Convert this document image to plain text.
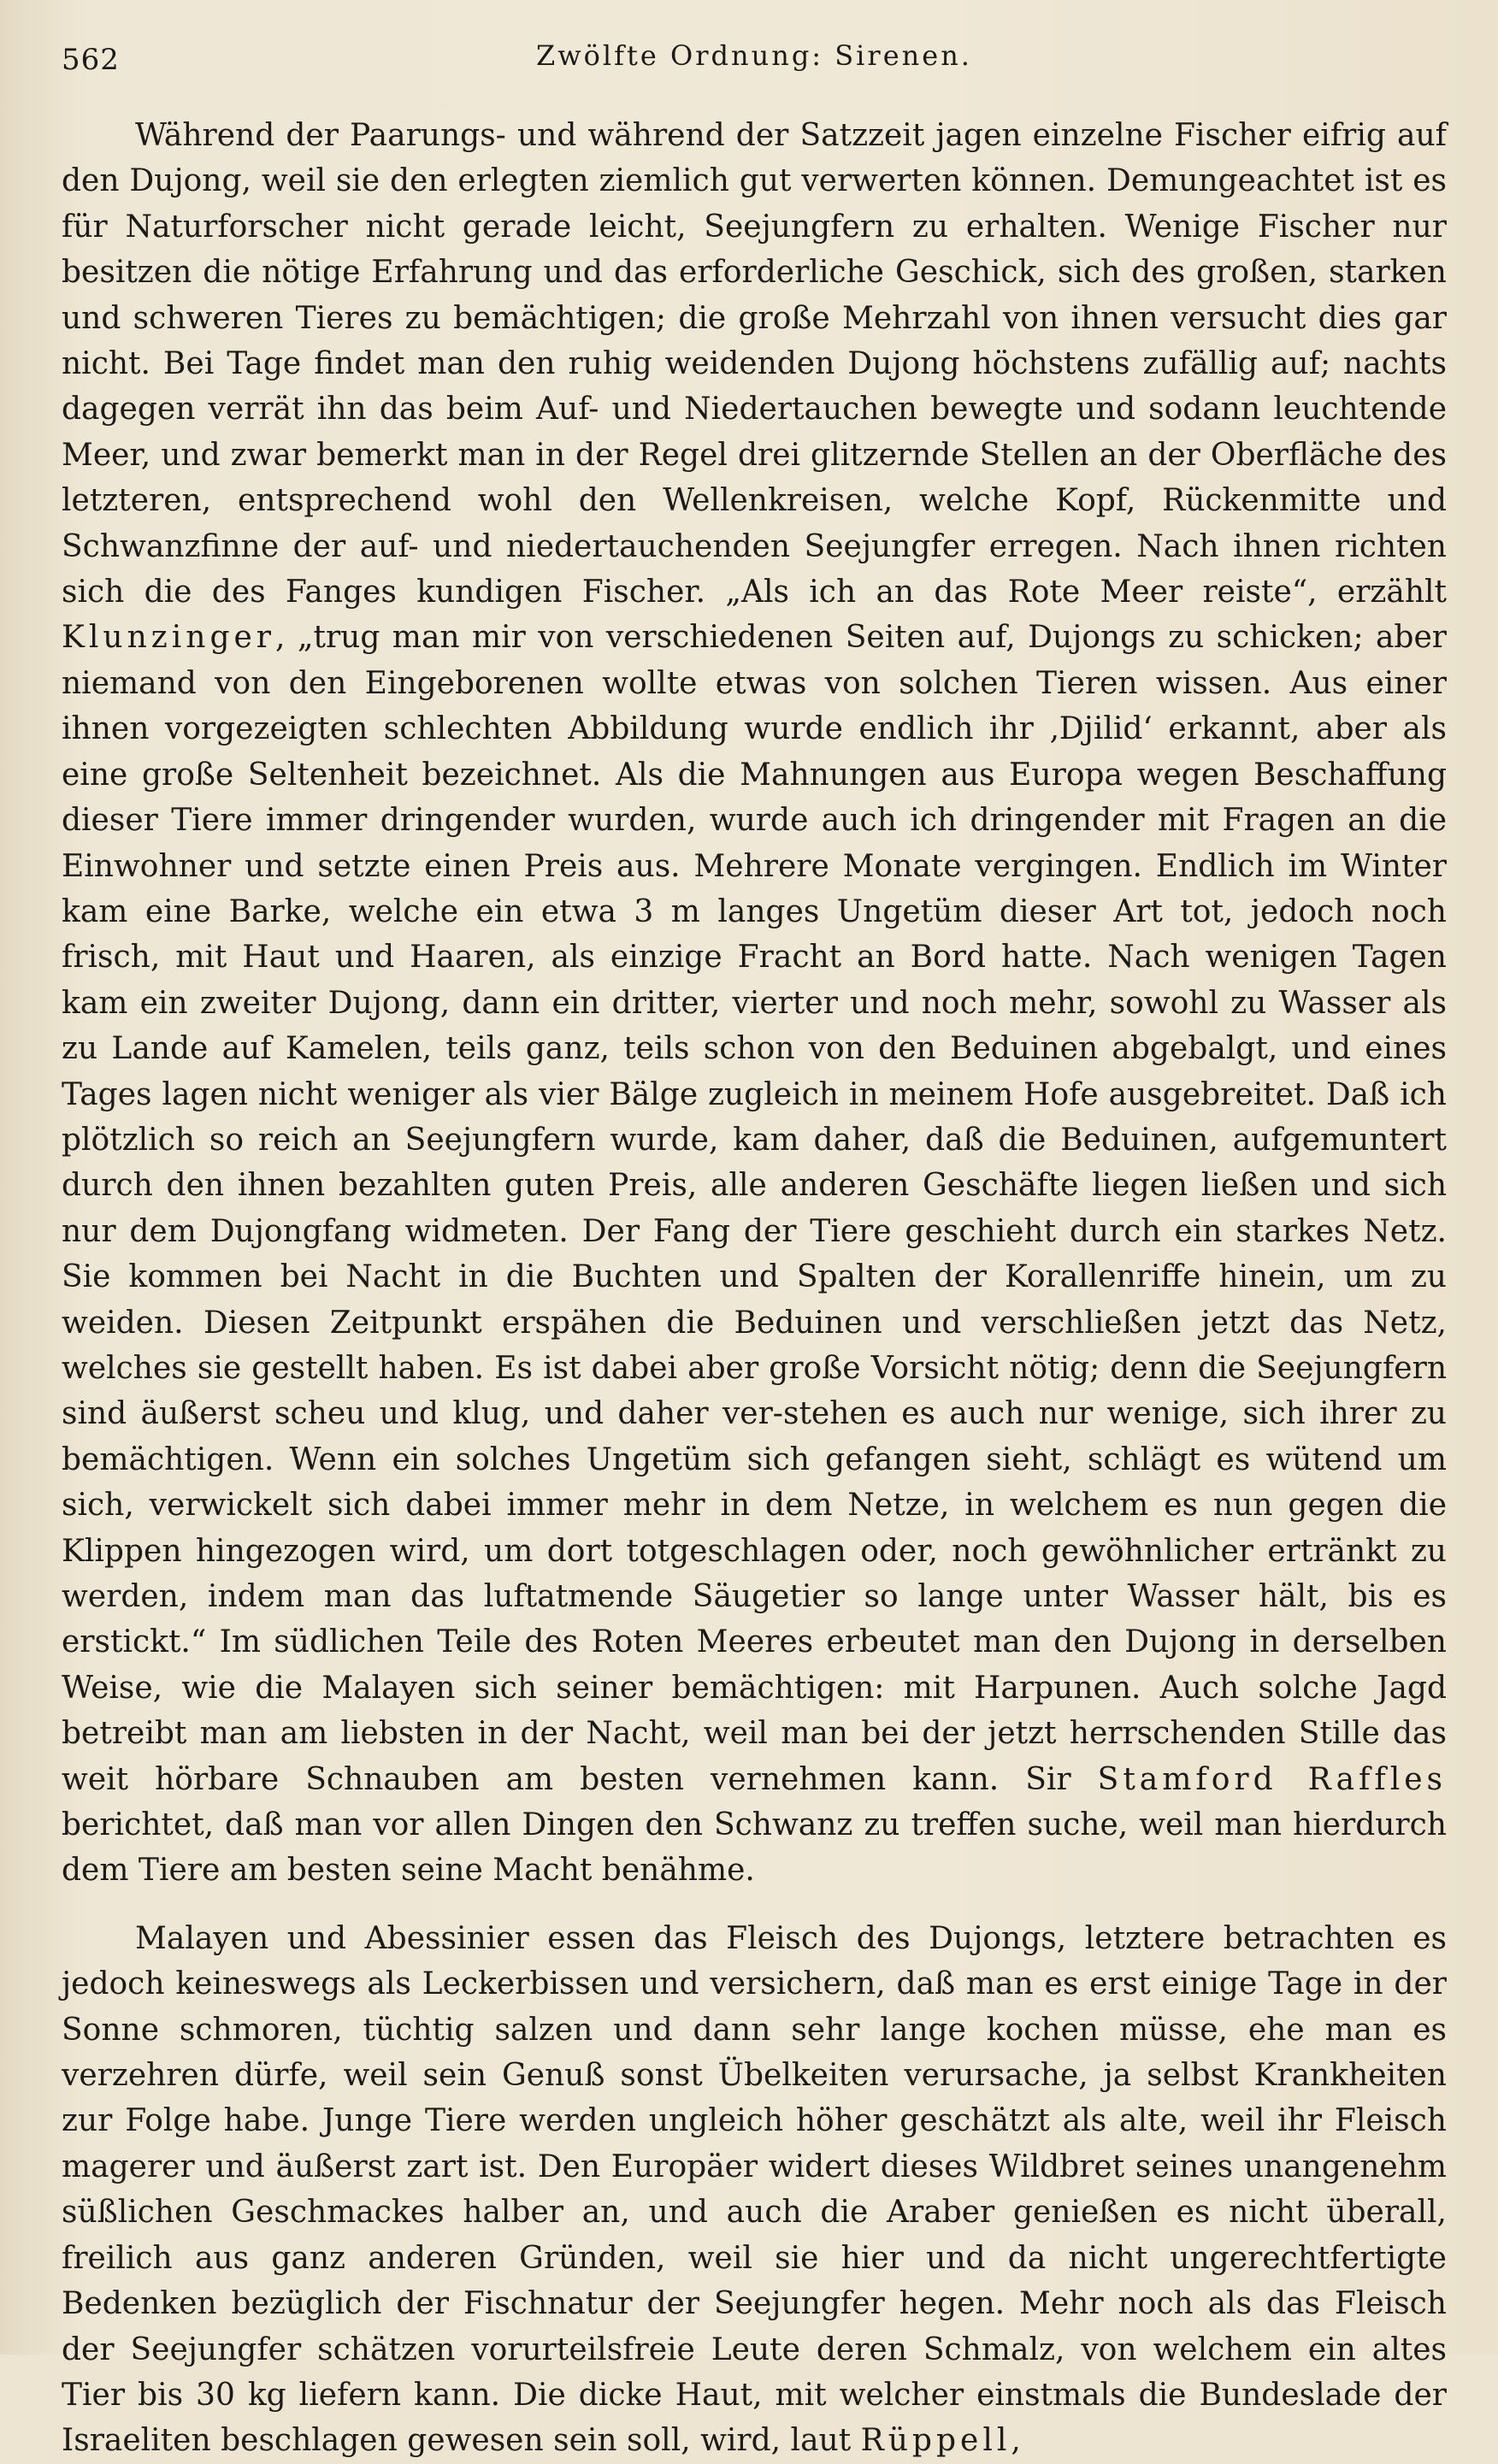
562	Zwölfte Ordnung: Sirenen.

Während der Paarungs- und während der Satzzeit jagen einzelne Fischer eifrig auf den Dujong, weil sie den erlegten ziemlich gut verwerten können. Demungeachtet ist es für Naturforscher nicht gerade leicht, Seejungfern zu erhalten. Wenige Fischer nur besitzen die nötige Erfahrung und das erforderliche Geschick, sich des großen, starken und schweren Tieres zu bemächtigen; die große Mehrzahl von ihnen versucht dies gar nicht. Bei Tage findet man den ruhig weidenden Dujong höchstens zufällig auf; nachts dagegen verrät ihn das beim Auf- und Niedertauchen bewegte und sodann leuchtende Meer, und zwar bemerkt man in der Regel drei glitzernde Stellen an der Oberfläche des letzteren, entsprechend wohl den Wellenkreisen, welche Kopf, Rückenmitte und Schwanzfinne der auf- und niedertauchenden Seejungfer erregen. Nach ihnen richten sich die des Fanges kundigen Fischer. „Als ich an das Rote Meer reiste“, erzählt Klunzinger, „trug man mir von verschiedenen Seiten auf, Dujongs zu schicken; aber niemand von den Eingeborenen wollte etwas von solchen Tieren wissen. Aus einer ihnen vorgezeigten schlechten Abbildung wurde endlich ihr ‚Djilid‘ erkannt, aber als eine große Seltenheit bezeichnet. Als die Mahnungen aus Europa wegen Beschaffung dieser Tiere immer dringender wurden, wurde auch ich dringender mit Fragen an die Einwohner und setzte einen Preis aus. Mehrere Monate vergingen. Endlich im Winter kam eine Barke, welche ein etwa 3 m langes Ungetüm dieser Art tot, jedoch noch frisch, mit Haut und Haaren, als einzige Fracht an Bord hatte. Nach wenigen Tagen kam ein zweiter Dujong, dann ein dritter, vierter und noch mehr, sowohl zu Wasser als zu Lande auf Kamelen, teils ganz, teils schon von den Beduinen abgebalgt, und eines Tages lagen nicht weniger als vier Bälge zugleich in meinem Hofe ausgebreitet. Daß ich plötzlich so reich an Seejungfern wurde, kam daher, daß die Beduinen, aufgemuntert durch den ihnen bezahlten guten Preis, alle anderen Geschäfte liegen ließen und sich nur dem Dujongfang widmeten. Der Fang der Tiere geschieht durch ein starkes Netz. Sie kommen bei Nacht in die Buchten und Spalten der Korallenriffe hinein, um zu weiden. Diesen Zeitpunkt erspähen die Beduinen und verschließen jetzt das Netz, welches sie gestellt haben. Es ist dabei aber große Vorsicht nötig; denn die Seejungfern sind äußerst scheu und klug, und daher ver-stehen es auch nur wenige, sich ihrer zu bemächtigen. Wenn ein solches Ungetüm sich gefangen sieht, schlägt es wütend um sich, verwickelt sich dabei immer mehr in dem Netze, in welchem es nun gegen die Klippen hingezogen wird, um dort totgeschlagen oder, noch gewöhnlicher ertränkt zu werden, indem man das luftatmende Säugetier so lange unter Wasser hält, bis es erstickt.“ Im südlichen Teile des Roten Meeres erbeutet man den Dujong in derselben Weise, wie die Malayen sich seiner bemächtigen: mit Harpunen. Auch solche Jagd betreibt man am liebsten in der Nacht, weil man bei der jetzt herrschenden Stille das weit hörbare Schnauben am besten vernehmen kann. Sir Stamford Raffles berichtet, daß man vor allen Dingen den Schwanz zu treffen suche, weil man hierdurch dem Tiere am besten seine Macht benähme.

Malayen und Abessinier essen das Fleisch des Dujongs, letztere betrachten es jedoch keineswegs als Leckerbissen und versichern, daß man es erst einige Tage in der Sonne schmoren, tüchtig salzen und dann sehr lange kochen müsse, ehe man es verzehren dürfe, weil sein Genuß sonst Übelkeiten verursache, ja selbst Krankheiten zur Folge habe. Junge Tiere werden ungleich höher geschätzt als alte, weil ihr Fleisch magerer und äußerst zart ist. Den Europäer widert dieses Wildbret seines unangenehm süßlichen Geschmackes halber an, und auch die Araber genießen es nicht überall, freilich aus ganz anderen Gründen, weil sie hier und da nicht ungerechtfertigte Bedenken bezüglich der Fischnatur der Seejungfer hegen. Mehr noch als das Fleisch der Seejungfer schätzen vorurteilsfreie Leute deren Schmalz, von welchem ein altes Tier bis 30 kg liefern kann. Die dicke Haut, mit welcher einstmals die Bundeslade der Israeliten beschlagen gewesen sein soll, wird, laut Rüppell,
